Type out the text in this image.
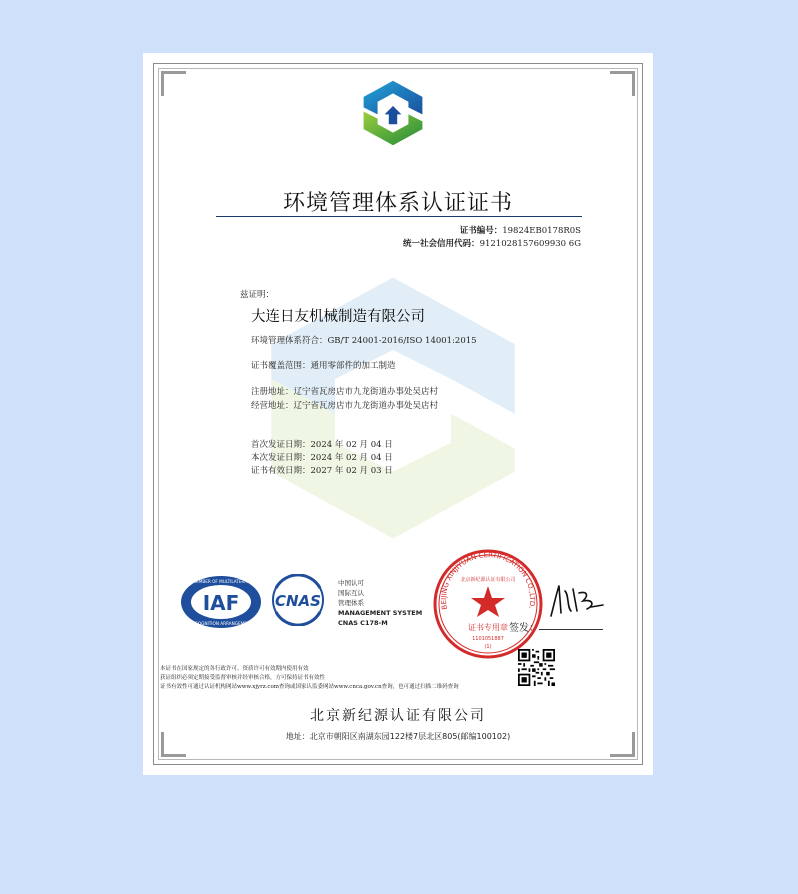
环境管理体系认证证书
证书编号：19824EB0178R0S
统一社会信用代码：9121028157609930 6G
兹证明：
大连日友机械制造有限公司
环境管理体系符合：GB/T 24001-2016/ISO 14001:2015
证书覆盖范围：通用零部件的加工制造
注册地址：辽宁省瓦房店市九龙街道办事处吴店村
经营地址：辽宁省瓦房店市九龙街道办事处吴店村
首次发证日期：2024 年 02 月 04 日
本次发证日期：2024 年 02 月 04 日
证书有效日期：2027 年 02 月 03 日
IAF
MEMBER OF MULTILATERAL
RECOGNITION ARRANGEMENT
CNAS
中国认可
国际互认
管理体系
MANAGEMENT SYSTEM
CNAS C178-M
BEIJING XINJIYUAN CERTIFICATION CO.,LTD.
北京新纪源认证有限公司
证书专用章
1101051887
(1)
签发：
本证书在国家规定的各行政许可、资质许可有效期内使用有效
获证组织必须定期接受监督审核并经审核合格，方可保持证书有效性
证书有效性可通过认证机构网站www.xjyrz.com查询或国家认监委网站www.cnca.gov.cn查询，也可通过扫描二维码查询
北京新纪源认证有限公司
地址：北京市朝阳区南湖东园122楼7层北区805(邮编100102)
